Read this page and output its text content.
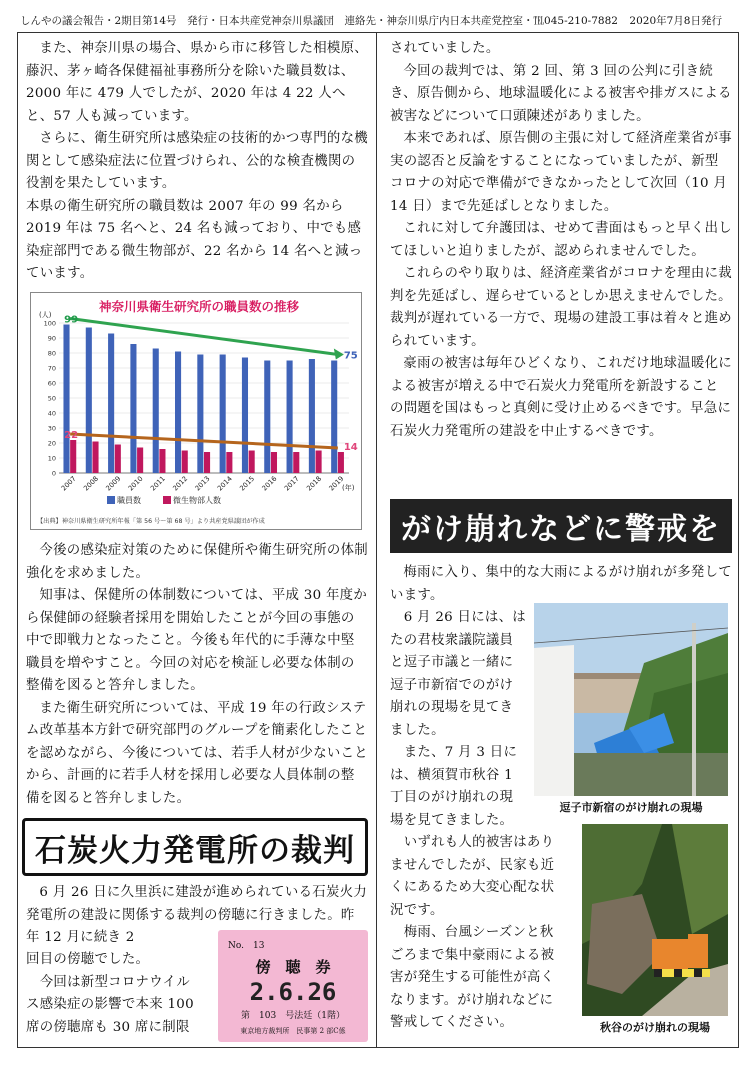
しんやの議会報告・2期目第14号　発行・日本共産党神奈川県議団　連絡先・神奈川県庁内日本共産党控室・℡045-210-7882 2020年7月8日発行

また、神奈川県の場合、県から市に移管した相模原、藤沢、茅ヶ崎各保健福祉事務所分を除いた職員数は、2000 年に 479 人でしたが、2020 年は 4 22 人へと、57 人も減っています。

さらに、衛生研究所は感染症の技術的かつ専門的な機関として感染症法に位置づけられ、公的な検査機関の役割を果たしています。

本県の衛生研究所の職員数は 2007 年の 99 名から 2019 年は 75 名へと、24 名も減っており、中でも感染症部門である微生物部が、22 名から 14 名へと減っています。

神奈川県衛生研究所の職員数の推移
(人)
(年)
職員数	微生物部人数
【出典】神奈川県衛生研究所年報「第 56 号～第 68 号」より共産党県議団が作成
0
10
20
30
40
50
60
70
80
90
100
2007 2008 2009 2010 2011 2012 2013 2014 2015 2016 2017 2018 2019
99
75
22
14

今後の感染症対策のために保健所や衛生研究所の体制強化を求めました。

知事は、保健所の体制数については、平成 30 年度から保健師の経験者採用を開始したことが今回の事態の中で即戦力となったこと。今後も年代的に手薄な中堅職員を増やすこと。今回の対応を検証し必要な体制の整備を図ると答弁しました。

また衛生研究所については、平成 19 年の行政システム改革基本方針で研究部門のグループを簡素化したことを認めながら、今後については、若手人材が少ないことから、計画的に若手人材を採用し必要な人員体制の整備を図ると答弁しました。

石炭火力発電所の裁判

6 月 26 日に久里浜に建設が進められている石炭火力発電所の建設に関係する裁判の傍聴に行きました。昨年 12 月に続き 2

回目の傍聴でした。
　今回は新型コロナウイル
ス感染症の影響で本来 100
席の傍聴席も 30 席に制限
No.　13
傍　聴　券
2.6.26
第　103　号法廷（1階）
東京地方裁判所　民事第 2 部C係

されていました。

今回の裁判では、第 2 回、第 3 回の公判に引き続き、原告側から、地球温暖化による被害や排ガスによる被害などについて口頭陳述がありました。

本来であれば、原告側の主張に対して経済産業省が事実の認否と反論をすることになっていましたが、新型コロナの対応で準備ができなかったとして次回（10 月 14 日）まで先延ばしとなりました。

これに対して弁護団は、せめて書面はもっと早く出してほしいと迫りましたが、認められませんでした。

これらのやり取りは、経済産業省がコロナを理由に裁判を先延ばし、遅らせているとしか思えませんでした。裁判が遅れている一方で、現場の建設工事は着々と進められています。

豪雨の被害は毎年ひどくなり、これだけ地球温暖化による被害が増える中で石炭火力発電所を新設することの問題を国はもっと真剣に受け止めるべきです。早急に石炭火力発電所の建設を中止するべきです。

がけ崩れなどに警戒を

梅雨に入り、集中的な大雨によるがけ崩れが多発しています。

　6 月 26 日には、は
たの君枝衆議院議員
と逗子市議と一緒に
逗子市新宿でのがけ
崩れの現場を見てき
ました。
　また、7 月 3 日に
は、横須賀市秋谷 1
丁目のがけ崩れの現
場を見てきました。
　いずれも人的被害はあり
ませんでしたが、民家も近
くにあるため大変心配な状
況です。
　梅雨、台風シーズンと秋
ごろまで集中豪雨による被
害が発生する可能性が高く
なります。がけ崩れなどに
警戒してください。
逗子市新宿のがけ崩れの現場
秋谷のがけ崩れの現場
